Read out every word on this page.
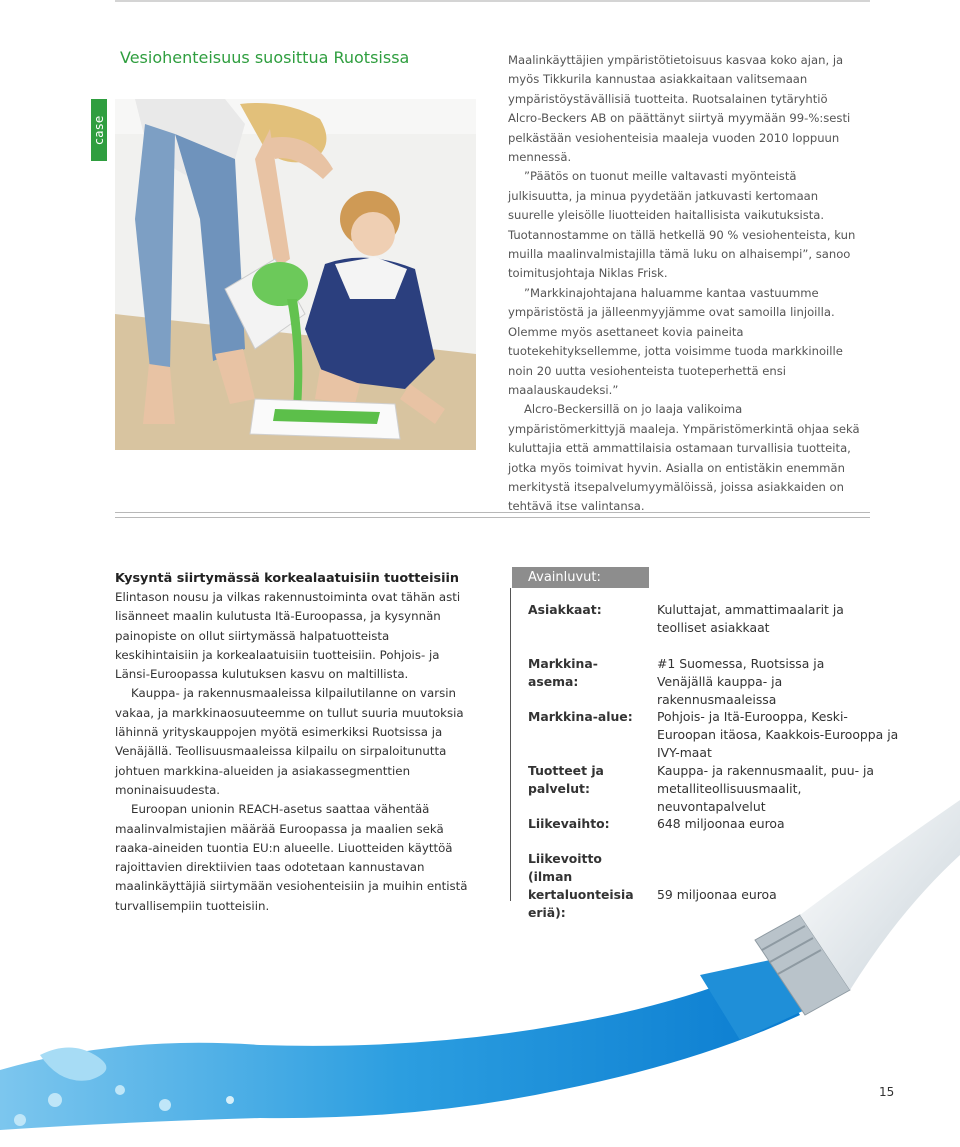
case
Vesiohenteisuus suosittua Ruotsissa	Maalinkäyttäjien ympäristötietoisuus kasvaa koko ajan, ja myös Tikkurila kannustaa asiakkaitaan valitsemaan ympäristöystävällisiä tuotteita. Ruotsalainen tytäryhtiö Alcro-Beckers AB on päättänyt siirtyä myymään 99-%:sesti pelkästään vesiohenteisia maaleja vuoden 2010 loppuun mennessä.

”Päätös on tuonut meille valtavasti myönteistä julkisuutta, ja minua pyydetään jatkuvasti kertomaan suurelle yleisölle liuotteiden haitallisista vaikutuksista. Tuotannostamme on tällä hetkellä 90 % vesiohenteista, kun muilla maalinvalmistajilla tämä luku on alhaisempi”, sanoo toimitusjohtaja Niklas Frisk.

”Markkinajohtajana haluamme kantaa vastuumme ympäristöstä ja jälleenmyyjämme ovat samoilla linjoilla. Olemme myös asettaneet kovia paineita tuotekehityksellemme, jotta voisimme tuoda markkinoille noin 20 uutta vesiohenteista tuoteperhettä ensi maalauskaudeksi.”

Alcro-Beckersillä on jo laaja valikoima ympäristömerkittyjä maaleja. Ympäristömerkintä ohjaa sekä kuluttajia että ammattilaisia ostamaan turvallisia tuotteita, jotka myös toimivat hyvin. Asialla on entistäkin enemmän merkitystä itsepalvelumyymälöissä, joissa asiakkaiden on tehtävä itse valintansa.

Kysyntä siirtymässä korkealaatuisiin tuotteisiin

Elintason nousu ja vilkas rakennustoiminta ovat tähän asti lisänneet maalin kulutusta Itä-Euroopassa, ja kysynnän painopiste on ollut siirtymässä halpatuotteista keskihintaisiin ja korkealaatuisiin tuotteisiin. Pohjois- ja Länsi-Euroopassa kulutuksen kasvu on maltillista.

Kauppa- ja rakennusmaaleissa kilpailutilanne on varsin vakaa, ja markkinaosuuteemme on tullut suuria muutoksia lähinnä yrityskauppojen myötä esimerkiksi Ruotsissa ja Venäjällä. Teollisuusmaaleissa kilpailu on sirpaloitunutta johtuen markkina-alueiden ja asiakassegmenttien moninaisuudesta.

Euroopan unionin REACH-asetus saattaa vähentää maalinvalmistajien määrää Euroopassa ja maalien sekä raaka-aineiden tuontia EU:n alueelle. Liuotteiden käyttöä rajoittavien direktiivien taas odotetaan kannustavan maalinkäyttäjiä siirtymään vesiohenteisiin ja muihin entistä turvallisempiin tuotteisiin.

Avainluvut:
Asiakkaat:	Kuluttajat, ammattimaalarit ja teolliset asiakkaat
Markkina-asema:
#1 Suomessa, Ruotsissa ja Venäjällä kauppa- ja rakennusmaaleissa
Markkina-alue:	Pohjois- ja Itä-Eurooppa, Keski-Euroopan itäosa, Kaakkois-Eurooppa ja IVY-maat
Tuotteet ja palvelut:
Kauppa- ja rakennusmaalit, puu- ja metalliteollisuusmaalit, neuvontapalvelut
Liikevaihto:	648 miljoonaa euroa
Liikevoitto (ilman kertaluonteisia eriä):
59 miljoonaa euroa
15
